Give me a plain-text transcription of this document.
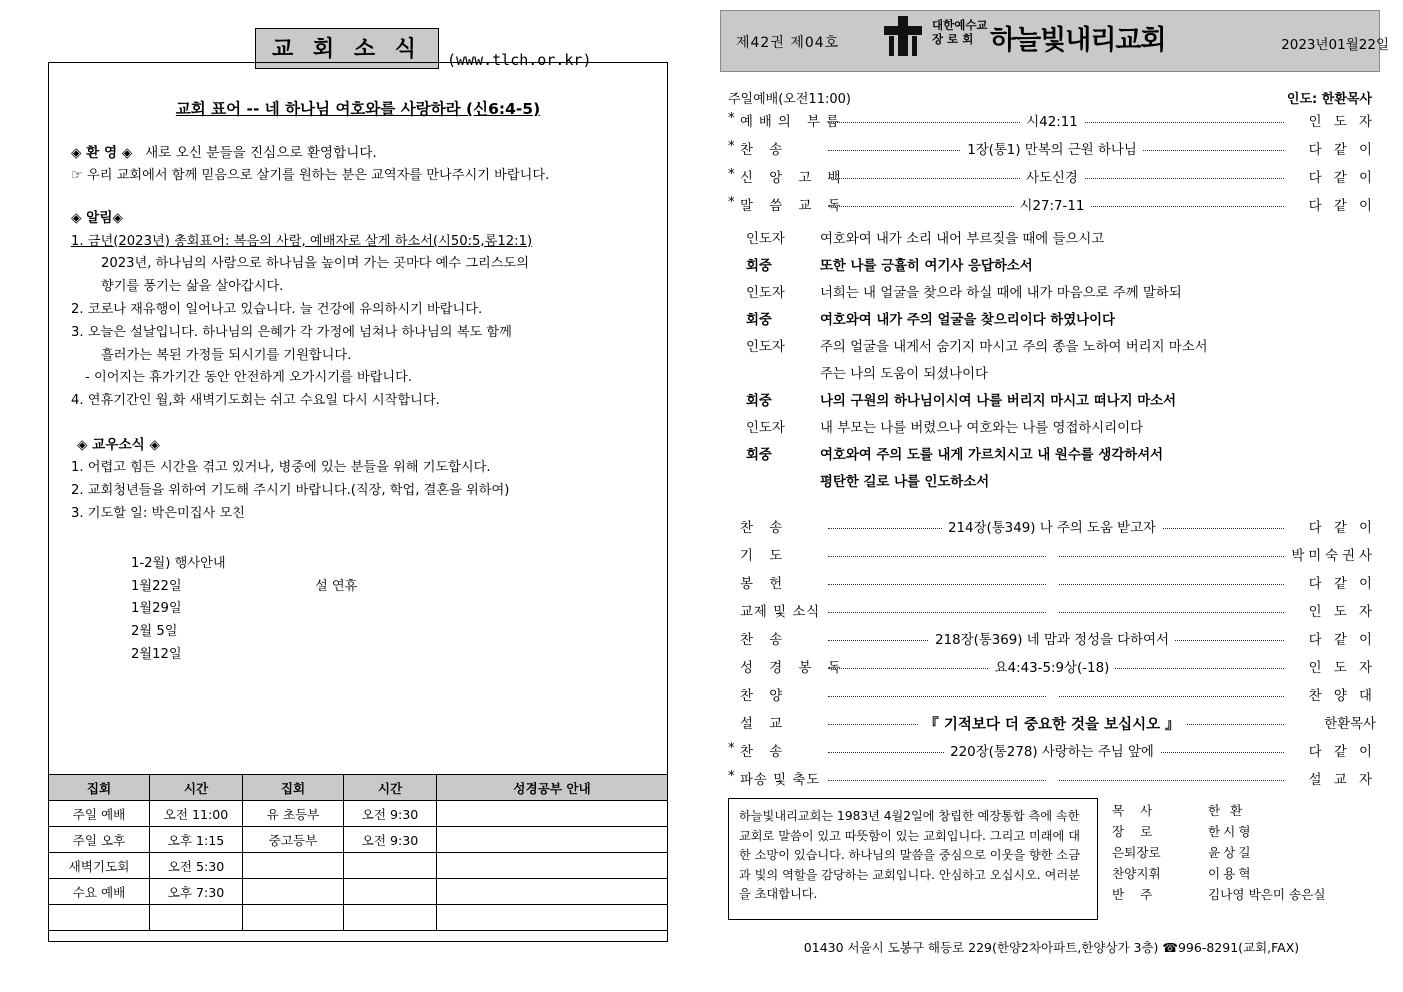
교 회 소 식 (www.tlch.or.kr)
교회 표어 -- 네 하나님 여호와를 사랑하라 (신6:4-5)
◈ 환 영 ◈ 새로 오신 분들을 진심으로 환영합니다.
☞ 우리 교회에서 함께 믿음으로 살기를 원하는 분은 교역자를 만나주시기 바랍니다.
◈ 알림◈
1. 금년(2023년) 총회표어: 복음의 사람, 예배자로 살게 하소서(시50:5,롬12:1)
2023년, 하나님의 사람으로 하나님을 높이며 가는 곳마다 예수 그리스도의
향기를 풍기는 삶을 살아갑시다.
2. 코로나 재유행이 일어나고 있습니다. 늘 건강에 유의하시기 바랍니다.
3. 오늘은 설날입니다. 하나님의 은혜가 각 가정에 넘쳐나 하나님의 복도 함께
흘러가는 복된 가정들 되시기를 기원합니다.
- 이어지는 휴가기간 동안 안전하게 오가시기를 바랍니다.
4. 연휴기간인 월,화 새벽기도회는 쉬고 수요일 다시 시작합니다.
◈ 교우소식 ◈
1. 어렵고 힘든 시간을 겪고 있거나, 병중에 있는 분들을 위해 기도합시다.
2. 교회청년들을 위하여 기도해 주시기 바랍니다.(직장, 학업, 결혼을 위하여)
3. 기도할 일: 박은미집사 모친
1-2월) 행사안내
1월22일	설 연휴
1월29일
2월 5일
2월12일
집회	시간	집회	시간	성경공부 안내
주일 예배	오전 11:00	유 초등부	오전 9:30	
주일 오후	오후 1:15	중고등부	오전 9:30	
새벽기도회	오전 5:30			
수요 예배	오후 7:30			

제42권 제04호
대한예수교
장 로 회 하늘빛내리교회	2023년01월22일
주일예배(오전11:00)	인도: 한환목사
* 예배의 부름	시42:11	인 도 자
* 찬 송	1장(통1) 만복의 근원 하나님	다 같 이
* 신 앙 고 백	사도신경	다 같 이
* 말 씀 교 독	시27:7-11	다 같 이
인도자	여호와여 내가 소리 내어 부르짖을 때에 들으시고
회중	또한 나를 긍휼히 여기사 응답하소서
인도자	너희는 내 얼굴을 찾으라 하실 때에 내가 마음으로 주께 말하되
회중	여호와여 내가 주의 얼굴을 찾으리이다 하였나이다
인도자	주의 얼굴을 내게서 숨기지 마시고 주의 종을 노하여 버리지 마소서
주는 나의 도움이 되셨나이다
회중	나의 구원의 하나님이시여 나를 버리지 마시고 떠나지 마소서
인도자	내 부모는 나를 버렸으나 여호와는 나를 영접하시리이다
회중	여호와여 주의 도를 내게 가르치시고 내 원수를 생각하셔서
평탄한 길로 나를 인도하소서
찬 송	214장(통349) 나 주의 도움 받고자	다 같 이
기 도	박미숙권사
봉 헌	다 같 이
교제 및 소식	인 도 자
찬 송	218장(통369) 네 맘과 정성을 다하여서	다 같 이
성 경 봉 독	요4:43-5:9상(-18)	인 도 자
찬 양	찬 양 대
설 교	『 기적보다 더 중요한 것을 보십시오 』	한환목사
* 찬 송	220장(통278) 사랑하는 주님 앞에	다 같 이
* 파송 및 축도	설 교 자
하늘빛내리교회는 1983년 4월2일에 창립한 예장통합 측에 속한 교회로 말씀이 있고 따뜻함이 있는 교회입니다. 그리고 미래에 대한 소망이 있습니다. 하나님의 말씀을 중심으로 이웃을 향한 소금과 빛의 역할을 감당하는 교회입니다. 안심하고 오십시오. 여러분을 초대합니다.
목 사	한 환
장 로	한시형
은퇴장로	윤상길
찬양지휘	이용혁
반 주	김나영 박은미 송은실
01430 서울시 도봉구 해등로 229(한양2차아파트,한양상가 3층) ☎996-8291(교회,FAX)
